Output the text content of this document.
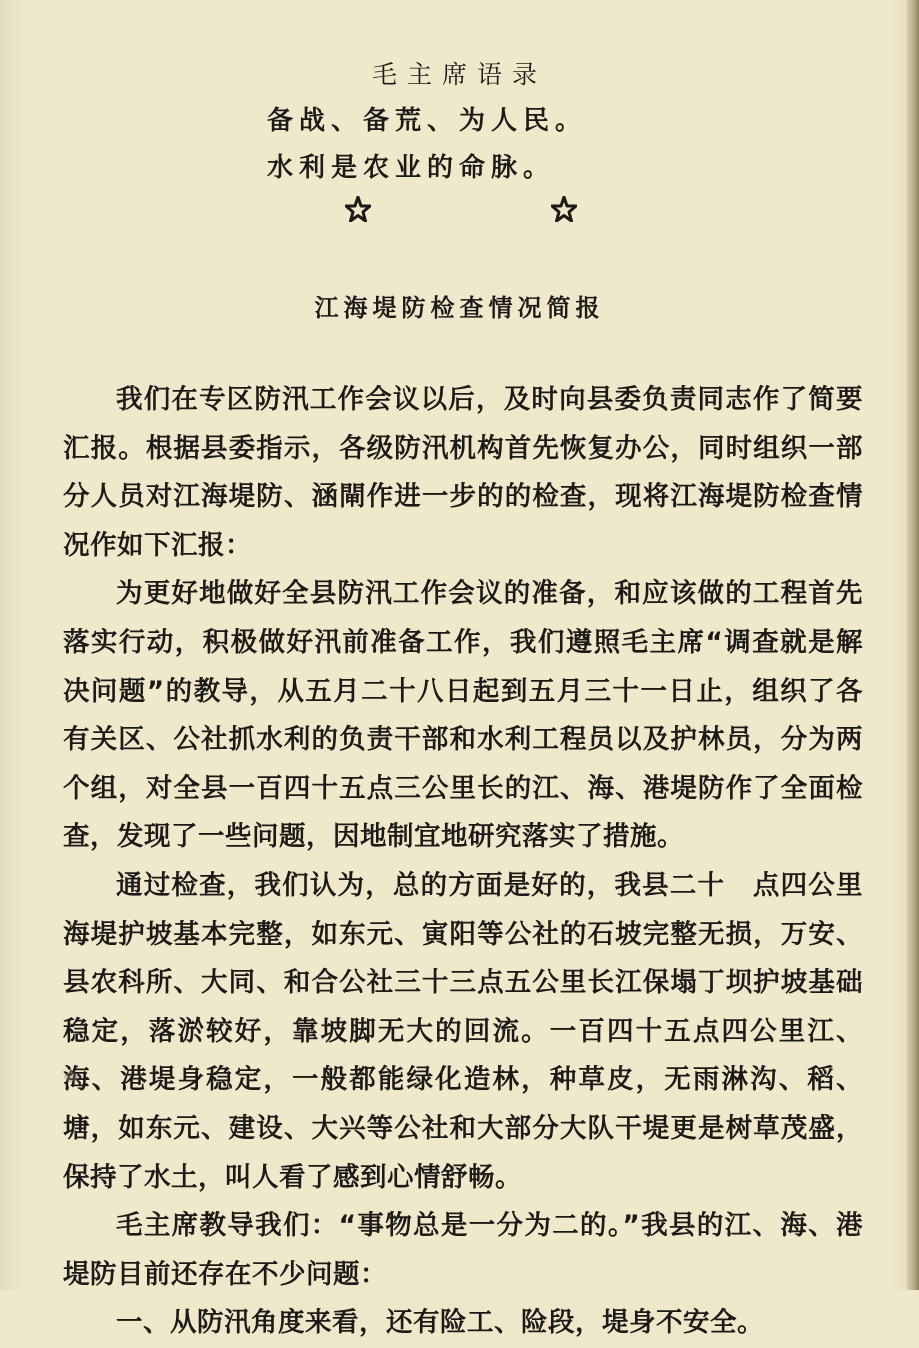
毛主席语录
备战、备荒、为人民。
水利是农业的命脉。
江海堤防检查情况简报

我们在专区防汛工作会议以后，及时向县委负责同志作了简要汇报。根据县委指示，各级防汛机构首先恢复办公，同时组织一部分人员对江海堤防、涵閘作进一步的的检查，现将江海堤防检查情况作如下汇报：

为更好地做好全县防汛工作会议的准备，和应该做的工程首先落实行动，积极做好汛前准备工作，我们遵照毛主席“调查就是解决问题”的教导，从五月二十八日起到五月三十一日止，组织了各有关区、公社抓水利的负责干部和水利工程员以及护林员，分为两个组，对全县一百四十五点三公里长的江、海、港堤防作了全面检查，发现了一些问题，因地制宜地研究落实了措施。

通过检查，我们认为，总的方面是好的，我县二十　点四公里海堤护坡基本完整，如东元、寅阳等公社的石坡完整无损，万安、县农科所、大同、和合公社三十三点五公里长江保塌丁坝护坡基础稳定，落淤较好，靠坡脚无大的回流。一百四十五点四公里江、海、港堤身稳定，一般都能绿化造林，种草皮，无雨淋沟、稻、塘，如东元、建设、大兴等公社和大部分大队干堤更是树草茂盛，保持了水土，叫人看了感到心情舒畅。

毛主席教导我们：“事物总是一分为二的。”我县的江、海、港堤防目前还存在不少问题：

一、从防汛角度来看，还有险工、险段，堤身不安全。
